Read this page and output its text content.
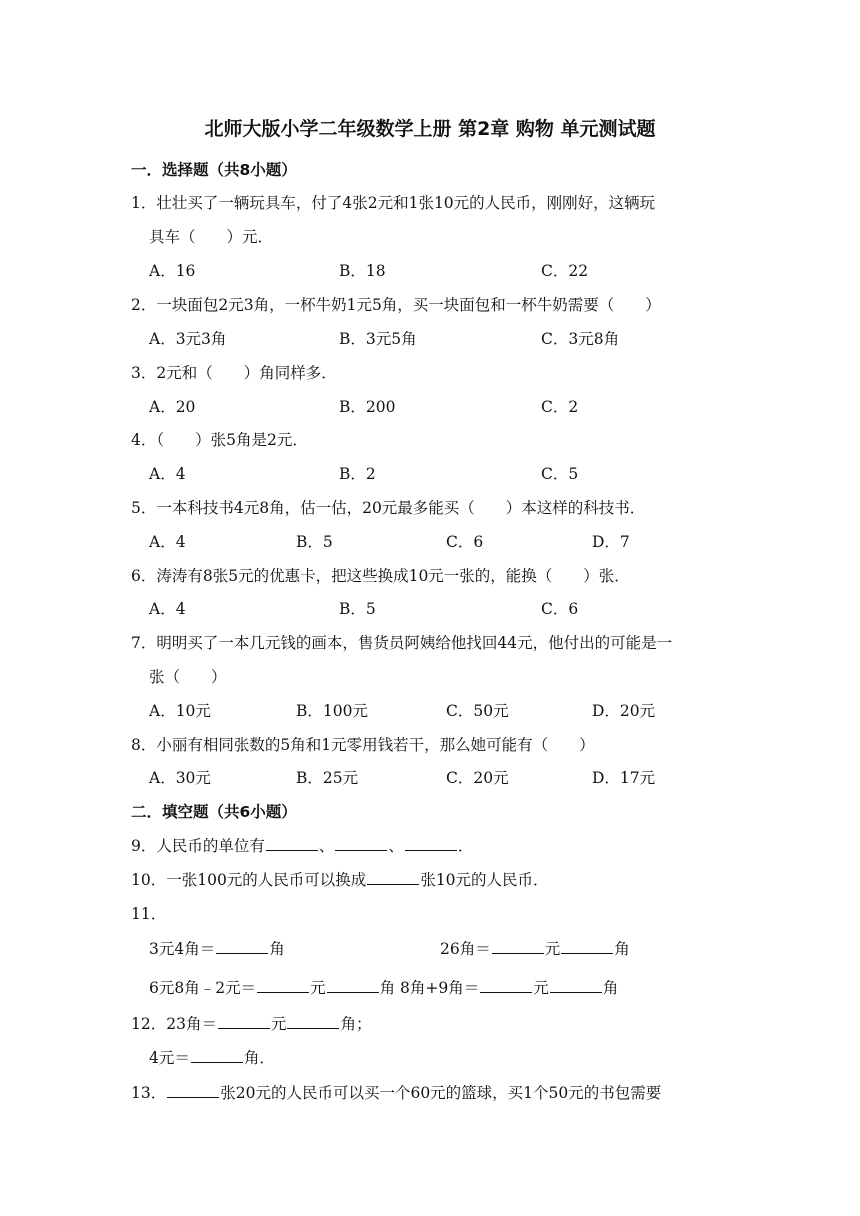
北师大版小学二年级数学上册 第2章 购物 单元测试题
一．选择题（共8小题）
1．壮壮买了一辆玩具车，付了4张2元和1张10元的人民币，刚刚好，这辆玩
具车（　　）元．
A．16	B．18	C．22
2．一块面包2元3角，一杯牛奶1元5角，买一块面包和一杯牛奶需要（　　）
A．3元3角	B．3元5角	C．3元8角
3．2元和（　　）角同样多．
A．20	B．200	C．2
4．（　　）张5角是2元．
A．4	B．2	C．5
5．一本科技书4元8角，估一估，20元最多能买（　　）本这样的科技书．
A．4	B．5	C．6	D．7
6．涛涛有8张5元的优惠卡，把这些换成10元一张的，能换（　　）张．
A．4	B．5	C．6
7．明明买了一本几元钱的画本，售货员阿姨给他找回44元，他付出的可能是一
张（　　）
A．10元	B．100元	C．50元	D．20元
8．小丽有相同张数的5角和1元零用钱若干，那么她可能有（　　）
A．30元	B．25元	C．20元	D．17元
二．填空题（共6小题）
9．人民币的单位有	、	、	．
10．一张100元的人民币可以换成	张10元的人民币．
11．
3元4角＝	角	26角＝	元	角
6元8角﹣2元＝	元	角 8角+9角＝	元	角
12．23角＝	元	角；
4元＝	角．
13．	张20元的人民币可以买一个60元的篮球，买1个50元的书包需要
